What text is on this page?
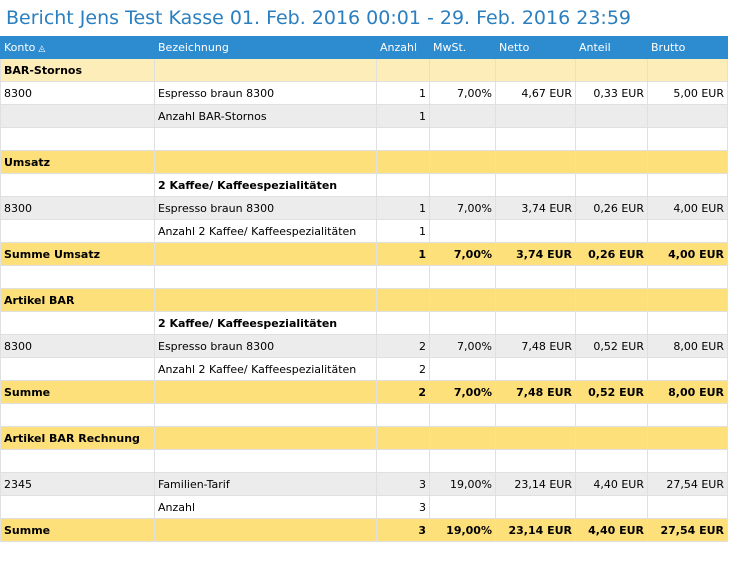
Bericht Jens Test Kasse 01. Feb. 2016 00:01 - 29. Feb. 2016 23:59
Konto ◬	Bezeichnung	Anzahl	MwSt.	Netto	Anteil	Brutto
BAR-Stornos						
8300	Espresso braun 8300	1	7,00%	4,67 EUR	0,33 EUR	5,00 EUR
	Anzahl BAR-Stornos	1				

Umsatz						
	2 Kaffee/ Kaffeespezialitäten					
8300	Espresso braun 8300	1	7,00%	3,74 EUR	0,26 EUR	4,00 EUR
	Anzahl 2 Kaffee/ Kaffeespezialitäten	1				
Summe Umsatz		1	7,00%	3,74 EUR	0,26 EUR	4,00 EUR

Artikel BAR						
	2 Kaffee/ Kaffeespezialitäten					
8300	Espresso braun 8300	2	7,00%	7,48 EUR	0,52 EUR	8,00 EUR
	Anzahl 2 Kaffee/ Kaffeespezialitäten	2				
Summe		2	7,00%	7,48 EUR	0,52 EUR	8,00 EUR

Artikel BAR Rechnung						

2345	Familien-Tarif	3	19,00%	23,14 EUR	4,40 EUR	27,54 EUR
	Anzahl	3				
Summe		3	19,00%	23,14 EUR	4,40 EUR	27,54 EUR
